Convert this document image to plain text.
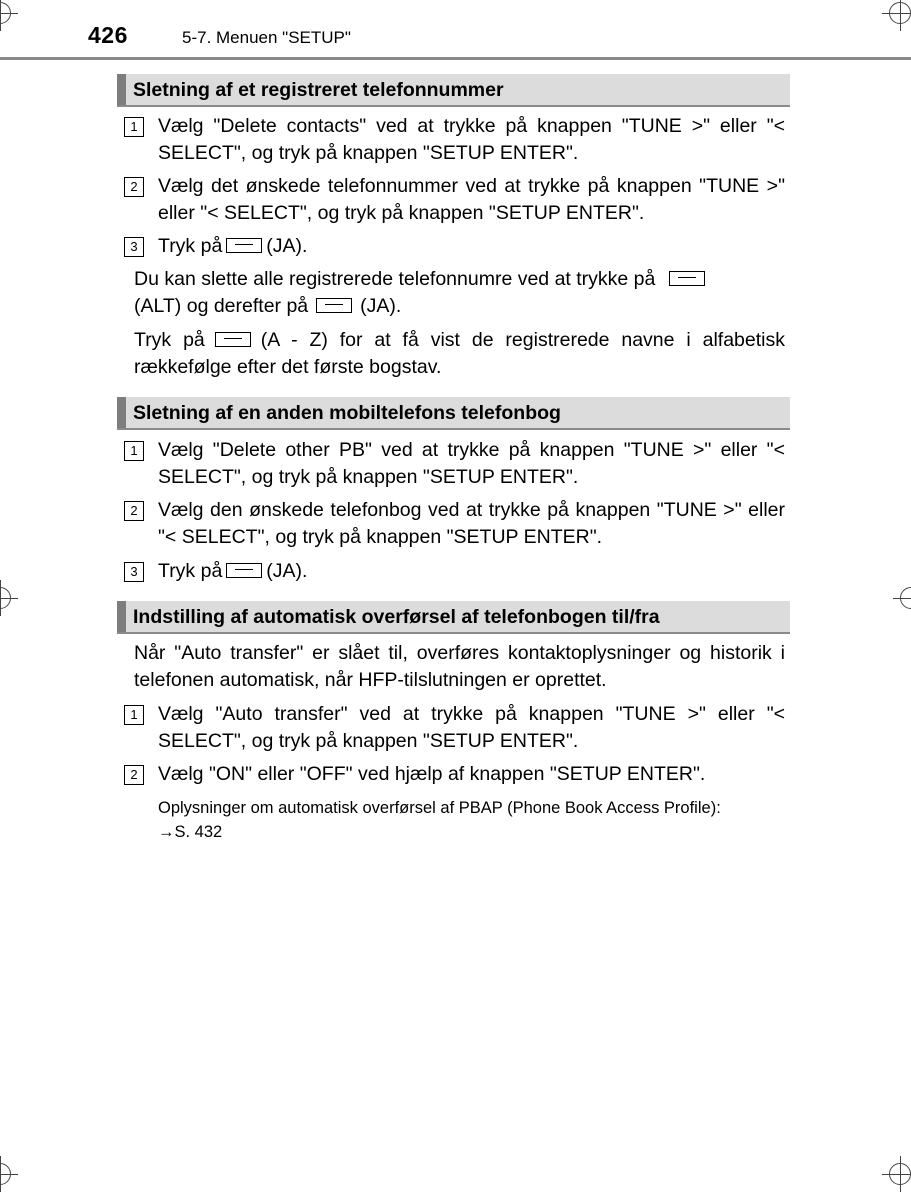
426	5-7. Menuen "SETUP"
Sletning af et registreret telefonnummer
1	Vælg "Delete contacts" ved at trykke på knappen "TUNE >" eller "< SELECT", og tryk på knappen "SETUP ENTER".
2	Vælg det ønskede telefonnummer ved at trykke på knappen "TUNE >" eller "< SELECT", og tryk på knappen "SETUP ENTER".
3	Tryk på (JA).
Du kan slette alle registrerede telefonnumre ved at trykke på
(ALT) og derefter på	(JA).
Tryk på	(A - Z) for at få vist de registrerede navne i alfabetisk rækkefølge efter det første bogstav.
Sletning af en anden mobiltelefons telefonbog
1	Vælg "Delete other PB" ved at trykke på knappen "TUNE >" eller "< SELECT", og tryk på knappen "SETUP ENTER".
2	Vælg den ønskede telefonbog ved at trykke på knappen "TUNE >" eller "< SELECT", og tryk på knappen "SETUP ENTER".
3	Tryk på (JA).
Indstilling af automatisk overførsel af telefonbogen til/fra
Når "Auto transfer" er slået til, overføres kontaktoplysninger og historik i telefonen automatisk, når HFP-tilslutningen er oprettet.
1	Vælg "Auto transfer" ved at trykke på knappen "TUNE >" eller "< SELECT", og tryk på knappen "SETUP ENTER".
2	Vælg "ON" eller "OFF" ved hjælp af knappen "SETUP ENTER".
Oplysninger om automatisk overførsel af PBAP (Phone Book Access Profile):
→S. 432
